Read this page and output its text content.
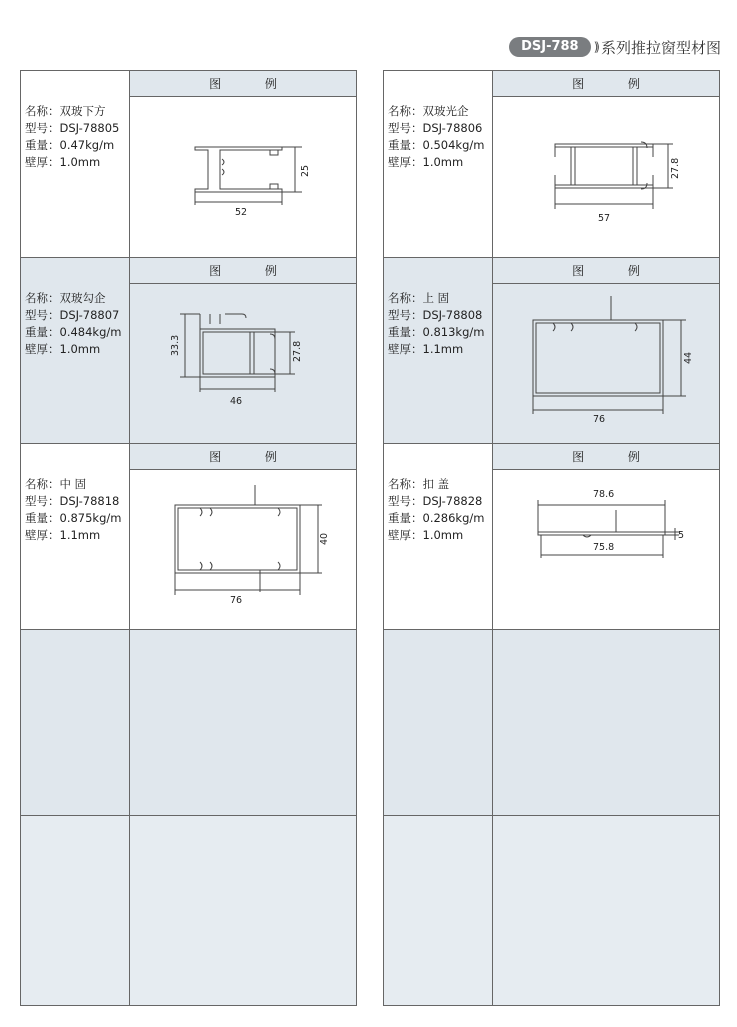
DSJ-788	)) 系列推拉窗型材图
名称：双玻下方
型号：DSJ-78805
重量：0.47kg/m
壁厚：1.0mm
图 例
52
25
名称：双玻勾企
型号：DSJ-78807
重量：0.484kg/m
壁厚：1.0mm
图 例
46
33.3	27.8
名称：中 固
型号：DSJ-78818
重量：0.875kg/m
壁厚：1.1mm
图 例
76
40
名称：双玻光企
型号：DSJ-78806
重量：0.504kg/m
壁厚：1.0mm
图 例
57
27.8
名称：上 固
型号：DSJ-78808
重量：0.813kg/m
壁厚：1.1mm
图 例
76
44
名称：扣 盖
型号：DSJ-78828
重量：0.286kg/m
壁厚：1.0mm
图 例
78.6
5
75.8
